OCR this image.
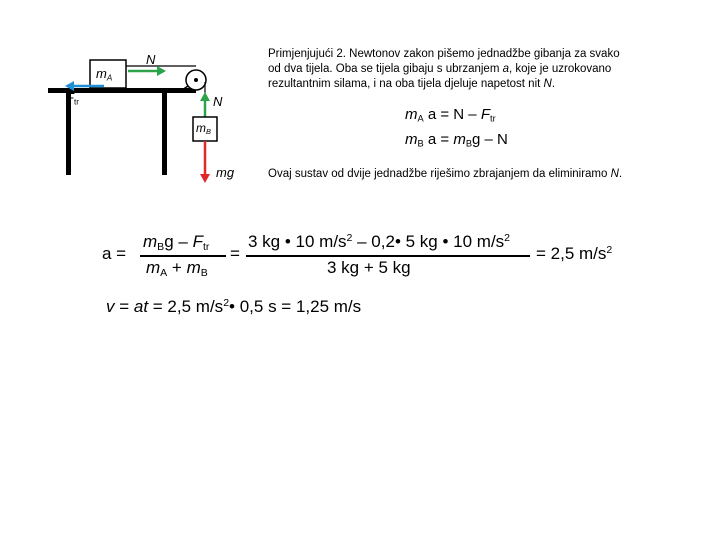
$m_A$
N
$F_{tr}$	N
$m_B$
mg
Primjenjujući 2. Newtonov zakon pišemo jednadžbe gibanja za svako
od dva tijela. Oba se tijela gibaju s ubrzanjem a, koje je uzrokovano
rezultantnim silama, i na oba tijela djeluje napetost nit N.
$m_A$ $a = N - F_{tr}$
$m_B$ $a = m_Bg - N$
Ovaj sustav od dvije jednadžbe riješimo zbrajanjem da eliminiramo N.
a =
$m_Bg - F_{tr}$
$m_A + m_B$
=
3 kg • 10 $m/s^2$ – 0,2• 5 kg • 10 $m/s^2$
3 kg + 5 kg
= 2,5 $m/s^2$
v = at = 2,5 $m/s^2•$ 0,5 s = 1,25 m/s
